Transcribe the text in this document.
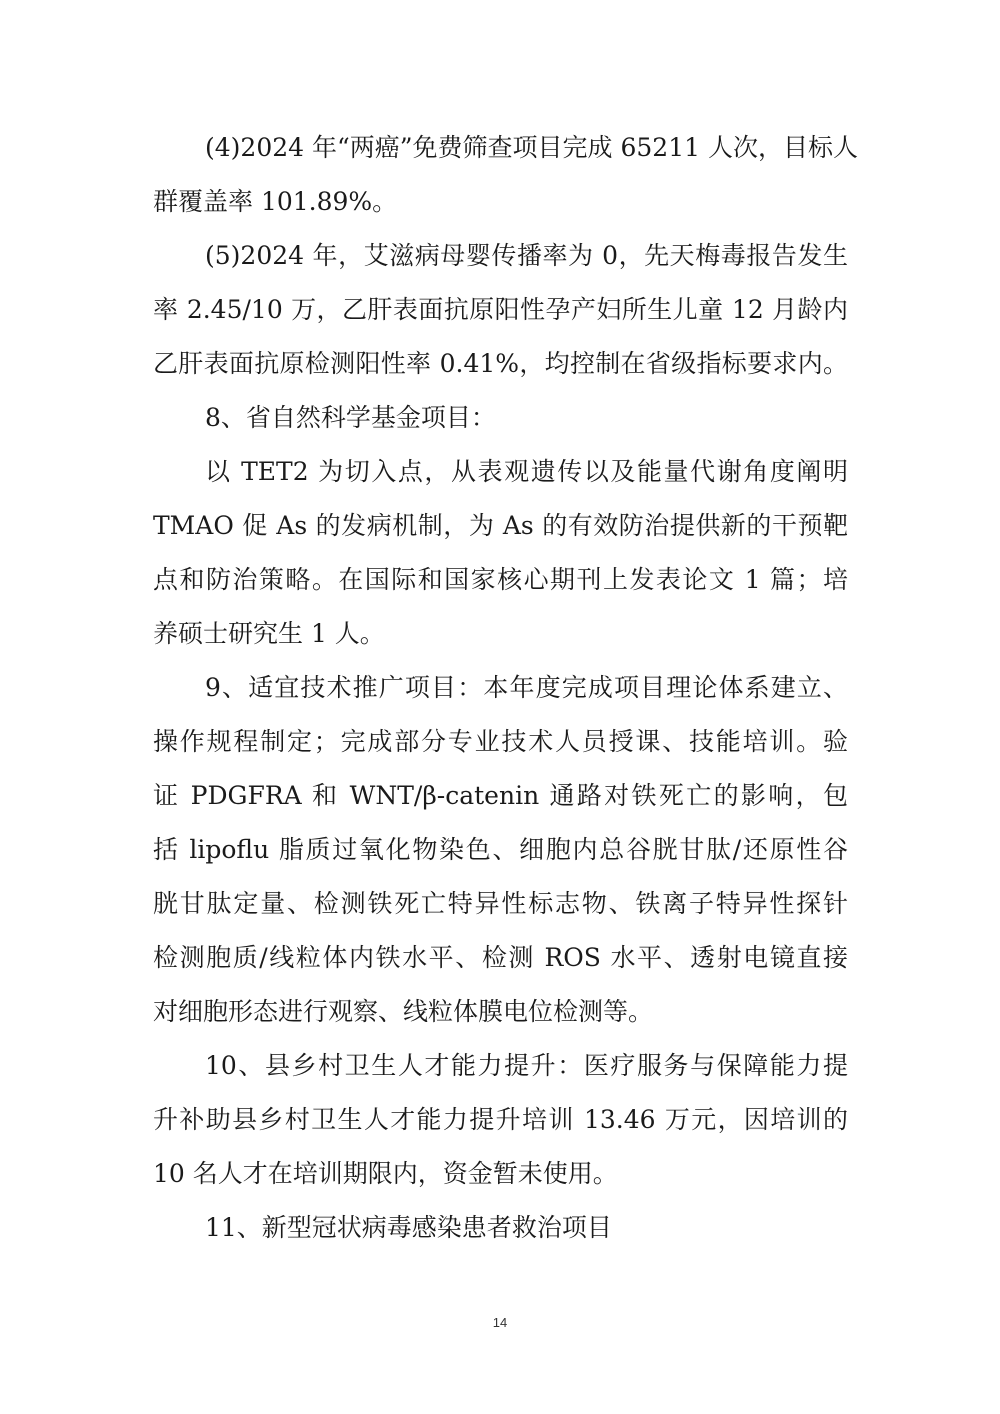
(4)2024 年“两癌”免费筛查项目完成 65211 人次，目标人
群覆盖率 101.89%。
(5)2024 年，艾滋病母婴传播率为 0，先天梅毒报告发生
率 2.45/10 万，乙肝表面抗原阳性孕产妇所生儿童 12 月龄内
乙肝表面抗原检测阳性率 0.41%，均控制在省级指标要求内。
8、省自然科学基金项目：
以 TET2 为切入点，从表观遗传以及能量代谢角度阐明
TMAO 促 As 的发病机制，为 As 的有效防治提供新的干预靶
点和防治策略。在国际和国家核心期刊上发表论文 1 篇；培
养硕士研究生 1 人。
9、适宜技术推广项目：本年度完成项目理论体系建立、
操作规程制定；完成部分专业技术人员授课、技能培训。验
证 PDGFRA 和 WNT/β-catenin 通路对铁死亡的影响，包
括 lipoflu 脂质过氧化物染色、细胞内总谷胱甘肽/还原性谷
胱甘肽定量、检测铁死亡特异性标志物、铁离子特异性探针
检测胞质/线粒体内铁水平、检测 ROS 水平、透射电镜直接
对细胞形态进行观察、线粒体膜电位检测等。
10、县乡村卫生人才能力提升：医疗服务与保障能力提
升补助县乡村卫生人才能力提升培训 13.46 万元，因培训的
10 名人才在培训期限内，资金暂未使用。
11、新型冠状病毒感染患者救治项目
14
